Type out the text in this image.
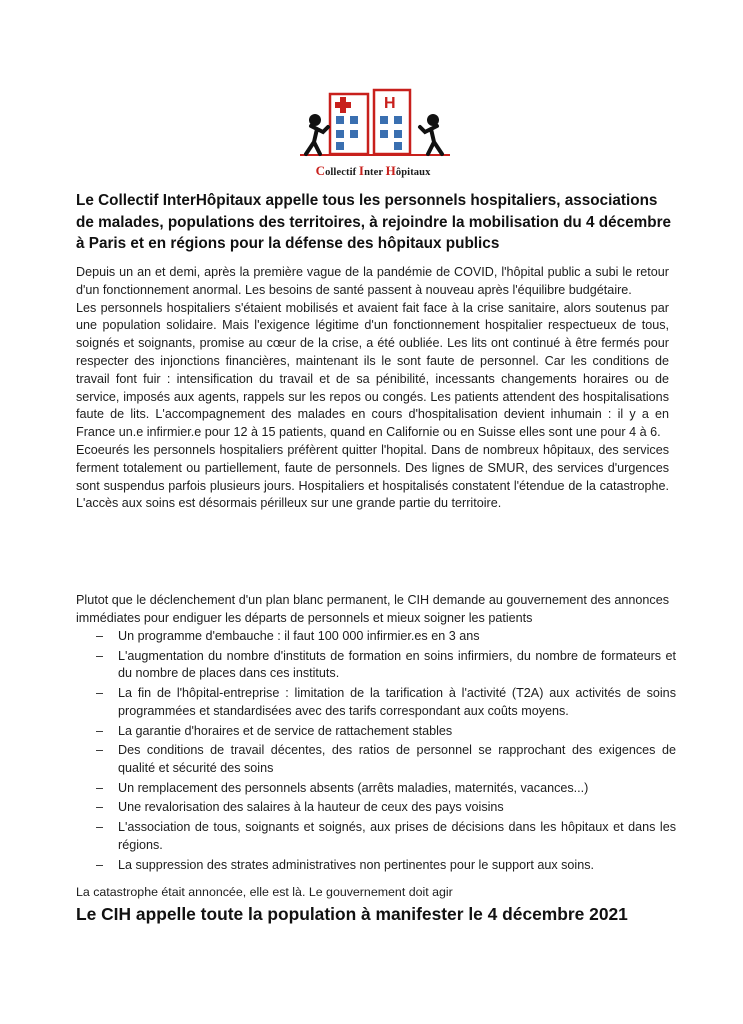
H
Collectif Inter Hôpitaux
Le Collectif InterHôpitaux appelle tous les personnels hospitaliers, associations de malades, populations des territoires, à rejoindre la mobilisation du 4 décembre à Paris et en régions pour la défense des hôpitaux publics

Depuis un an et demi, après la première vague de la pandémie de COVID, l'hôpital public a subi le retour d'un fonctionnement anormal. Les besoins de santé passent à nouveau après l'équilibre budgétaire.

Les personnels hospitaliers s'étaient mobilisés et avaient fait face à la crise sanitaire, alors soutenus par une population solidaire. Mais l'exigence légitime d'un fonctionnement hospitalier respectueux de tous, soignés et soignants, promise au cœur de la crise, a été oubliée. Les lits ont continué à être fermés pour respecter des injonctions financières, maintenant ils le sont faute de personnel. Car les conditions de travail font fuir : intensification du travail et de sa pénibilité, incessants changements horaires ou de service, imposés aux agents, rappels sur les repos ou congés. Les patients attendent des hospitalisations faute de lits. L'accompagnement des malades en cours d'hospitalisation devient inhumain : il y a en France un.e infirmier.e pour 12 à 15 patients, quand en Californie ou en Suisse elles sont une pour 4 à 6.

Ecoeurés les personnels hospitaliers préfèrent quitter l'hopital. Dans de nombreux hôpitaux, des services ferment totalement ou partiellement, faute de personnels. Des lignes de SMUR, des services d'urgences sont suspendus parfois plusieurs jours. Hospitaliers et hospitalisés constatent l'étendue de la catastrophe. L'accès aux soins est désormais périlleux sur une grande partie du territoire.

Plutot que le déclenchement d'un plan blanc permanent, le CIH demande au gouvernement des annonces immédiates pour endiguer les départs de personnels et mieux soigner les patients

– Un programme d'embauche : il faut 100 000 infirmier.es en 3 ans
– L'augmentation du nombre d'instituts de formation en soins infirmiers, du nombre de formateurs et du nombre de places dans ces instituts.
– La fin de l'hôpital-entreprise : limitation de la tarification à l'activité (T2A) aux activités de soins programmées et standardisées avec des tarifs correspondant aux coûts moyens.
– La garantie d'horaires et de service de rattachement stables
– Des conditions de travail décentes, des ratios de personnel se rapprochant des exigences de qualité et sécurité des soins
– Un remplacement des personnels absents (arrêts maladies, maternités, vacances...)
– Une revalorisation des salaires à la hauteur de ceux des pays voisins
– L'association de tous, soignants et soignés, aux prises de décisions dans les hôpitaux et dans les régions.
– La suppression des strates administratives non pertinentes pour le support aux soins.
La catastrophe était annoncée, elle est là. Le gouvernement doit agir
Le CIH appelle toute la population à manifester le 4 décembre 2021
